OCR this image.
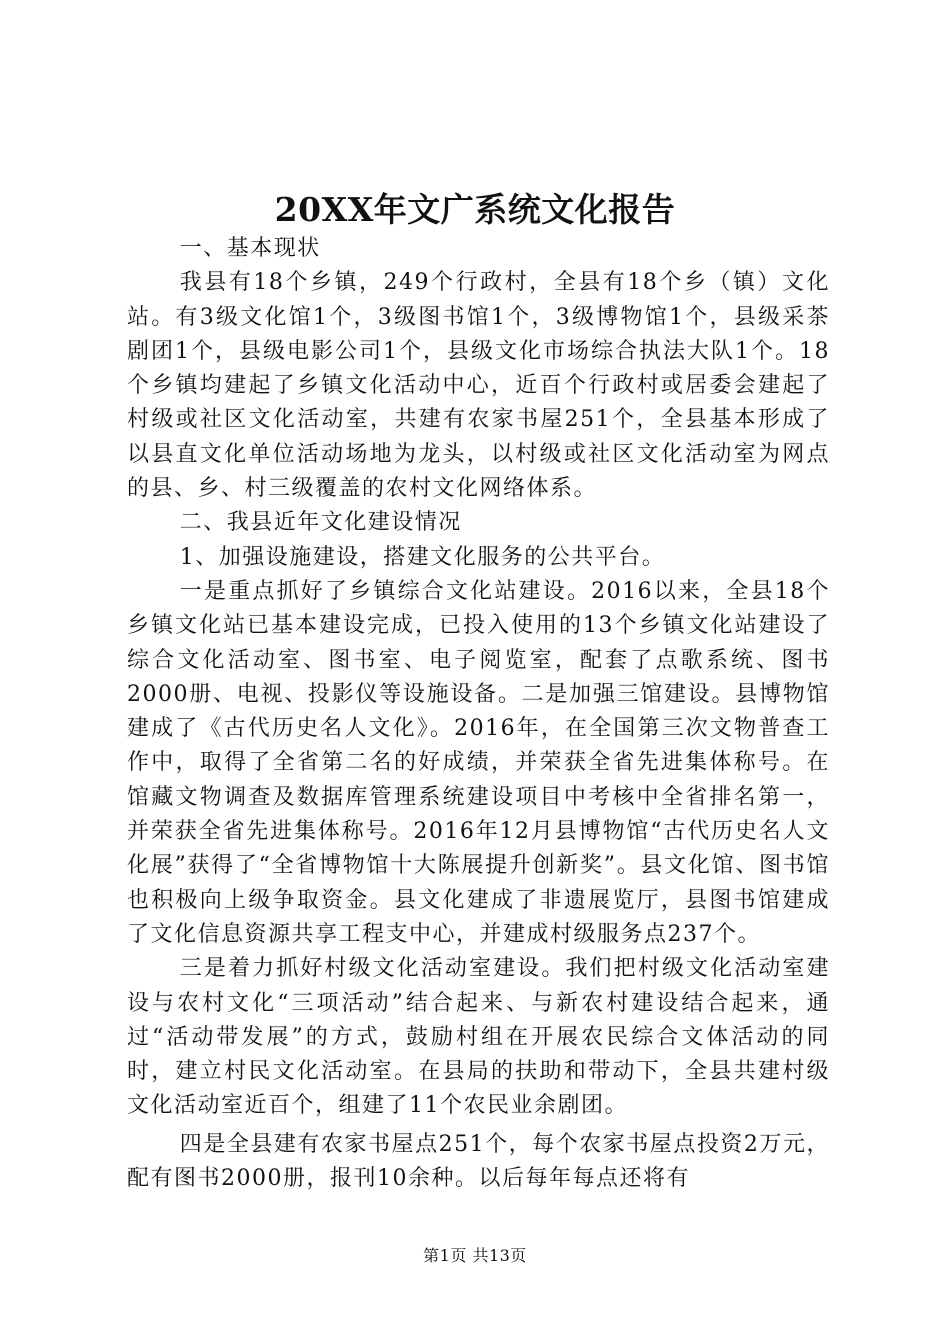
20XX年文广系统文化报告

一、基本现状

我县有18个乡镇，249个行政村，全县有18个乡（镇）文化站。有3级文化馆1个，3级图书馆1个，3级博物馆1个，县级采茶剧团1个，县级电影公司1个，县级文化市场综合执法大队1个。18个乡镇均建起了乡镇文化活动中心，近百个行政村或居委会建起了村级或社区文化活动室，共建有农家书屋251个，全县基本形成了以县直文化单位活动场地为龙头，以村级或社区文化活动室为网点的县、乡、村三级覆盖的农村文化网络体系。

二、我县近年文化建设情况

1、加强设施建设，搭建文化服务的公共平台。

一是重点抓好了乡镇综合文化站建设。2016以来，全县18个乡镇文化站已基本建设完成，已投入使用的13个乡镇文化站建设了综合文化活动室、图书室、电子阅览室，配套了点歌系统、图书2000册、电视、投影仪等设施设备。二是加强三馆建设。县博物馆建成了《古代历史名人文化》。2016年，在全国第三次文物普查工作中，取得了全省第二名的好成绩，并荣获全省先进集体称号。在馆藏文物调查及数据库管理系统建设项目中考核中全省排名第一，并荣获全省先进集体称号。2016年12月县博物馆“古代历史名人文化展”获得了“全省博物馆十大陈展提升创新奖”。县文化馆、图书馆也积极向上级争取资金。县文化建成了非遗展览厅，县图书馆建成了文化信息资源共享工程支中心，并建成村级服务点237个。

三是着力抓好村级文化活动室建设。我们把村级文化活动室建设与农村文化“三项活动”结合起来、与新农村建设结合起来，通过“活动带发展”的方式，鼓励村组在开展农民综合文体活动的同时，建立村民文化活动室。在县局的扶助和带动下，全县共建村级文化活动室近百个，组建了11个农民业余剧团。

四是全县建有农家书屋点251个，每个农家书屋点投资2万元，配有图书2000册，报刊10余种。以后每年每点还将有

第1页 共13页
